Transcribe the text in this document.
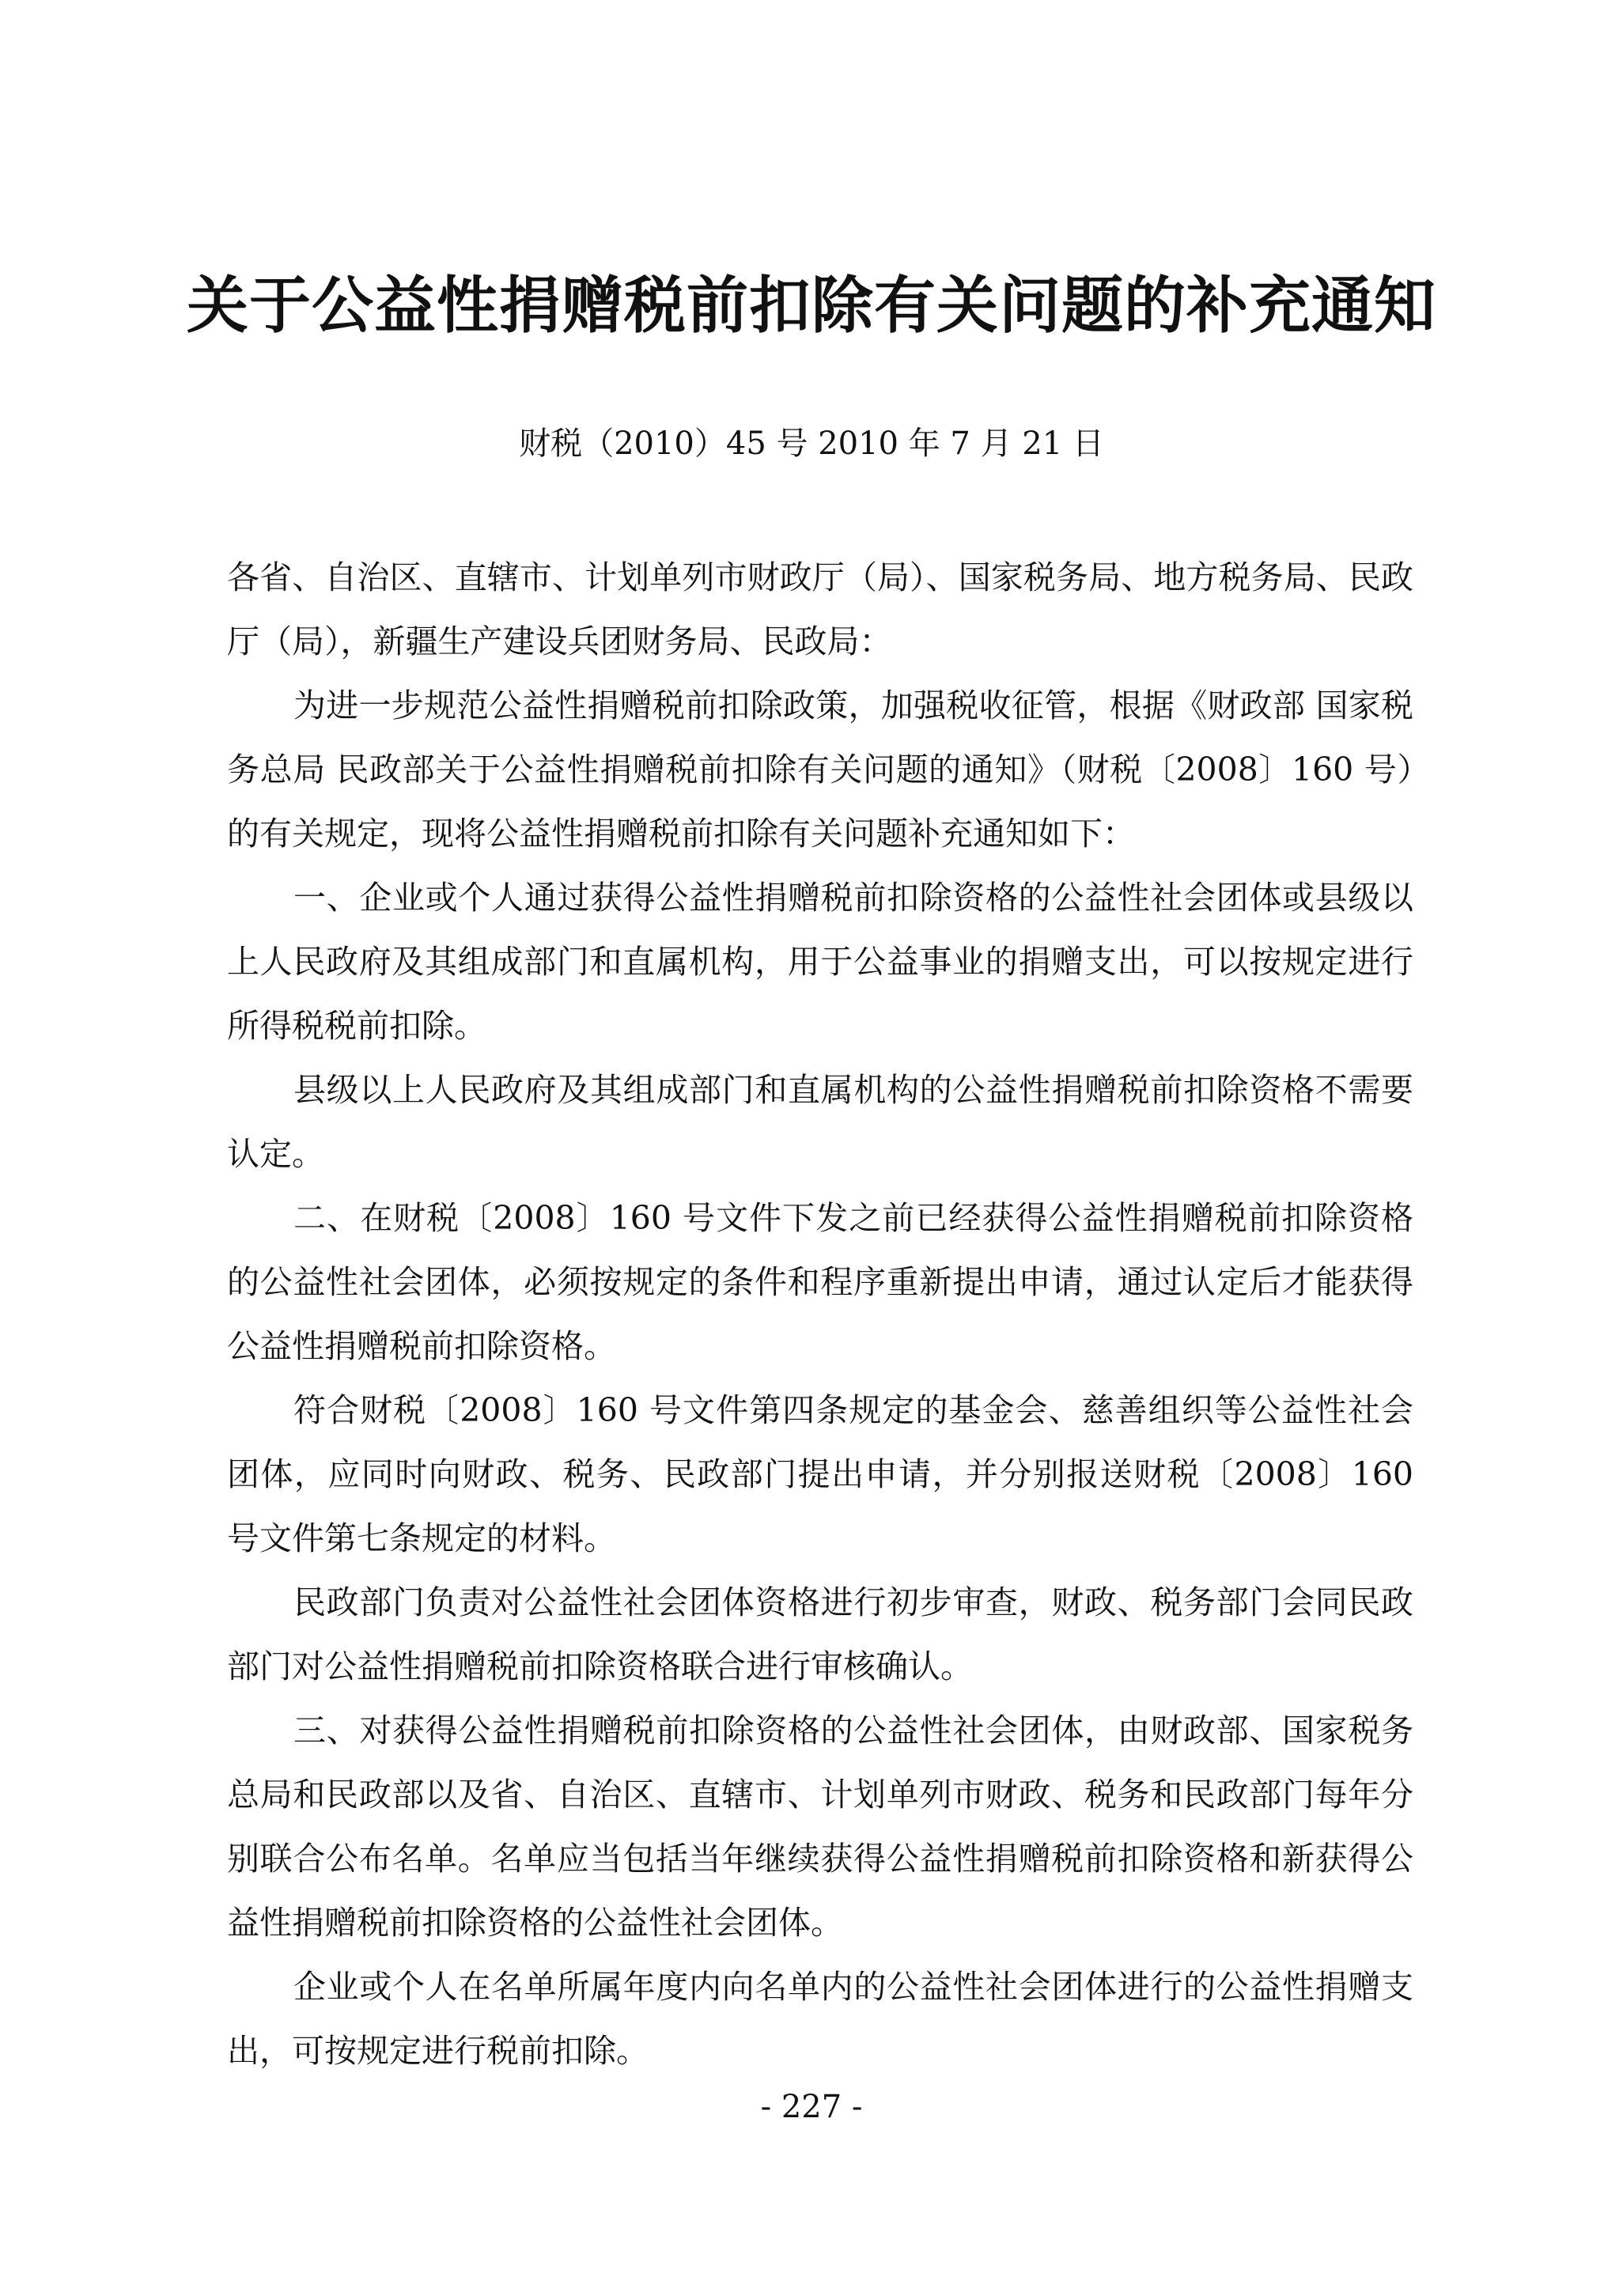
关于公益性捐赠税前扣除有关问题的补充通知

财税（2010）45 号 2010 年 7 月 21 日

各省、自治区、直辖市、计划单列市财政厅（局）、国家税务局、地方税务局、民政厅（局），新疆生产建设兵团财务局、民政局：

为进一步规范公益性捐赠税前扣除政策，加强税收征管，根据《财政部 国家税务总局 民政部关于公益性捐赠税前扣除有关问题的通知》（财税〔2008〕160 号）的有关规定，现将公益性捐赠税前扣除有关问题补充通知如下：

一、企业或个人通过获得公益性捐赠税前扣除资格的公益性社会团体或县级以上人民政府及其组成部门和直属机构，用于公益事业的捐赠支出，可以按规定进行所得税税前扣除。

县级以上人民政府及其组成部门和直属机构的公益性捐赠税前扣除资格不需要认定。

二、在财税〔2008〕160 号文件下发之前已经获得公益性捐赠税前扣除资格的公益性社会团体，必须按规定的条件和程序重新提出申请，通过认定后才能获得公益性捐赠税前扣除资格。

符合财税〔2008〕160 号文件第四条规定的基金会、慈善组织等公益性社会团体，应同时向财政、税务、民政部门提出申请，并分别报送财税〔2008〕160 号文件第七条规定的材料。

民政部门负责对公益性社会团体资格进行初步审查，财政、税务部门会同民政部门对公益性捐赠税前扣除资格联合进行审核确认。

三、对获得公益性捐赠税前扣除资格的公益性社会团体，由财政部、国家税务总局和民政部以及省、自治区、直辖市、计划单列市财政、税务和民政部门每年分别联合公布名单。名单应当包括当年继续获得公益性捐赠税前扣除资格和新获得公益性捐赠税前扣除资格的公益性社会团体。

企业或个人在名单所属年度内向名单内的公益性社会团体进行的公益性捐赠支出，可按规定进行税前扣除。

- 227 -
